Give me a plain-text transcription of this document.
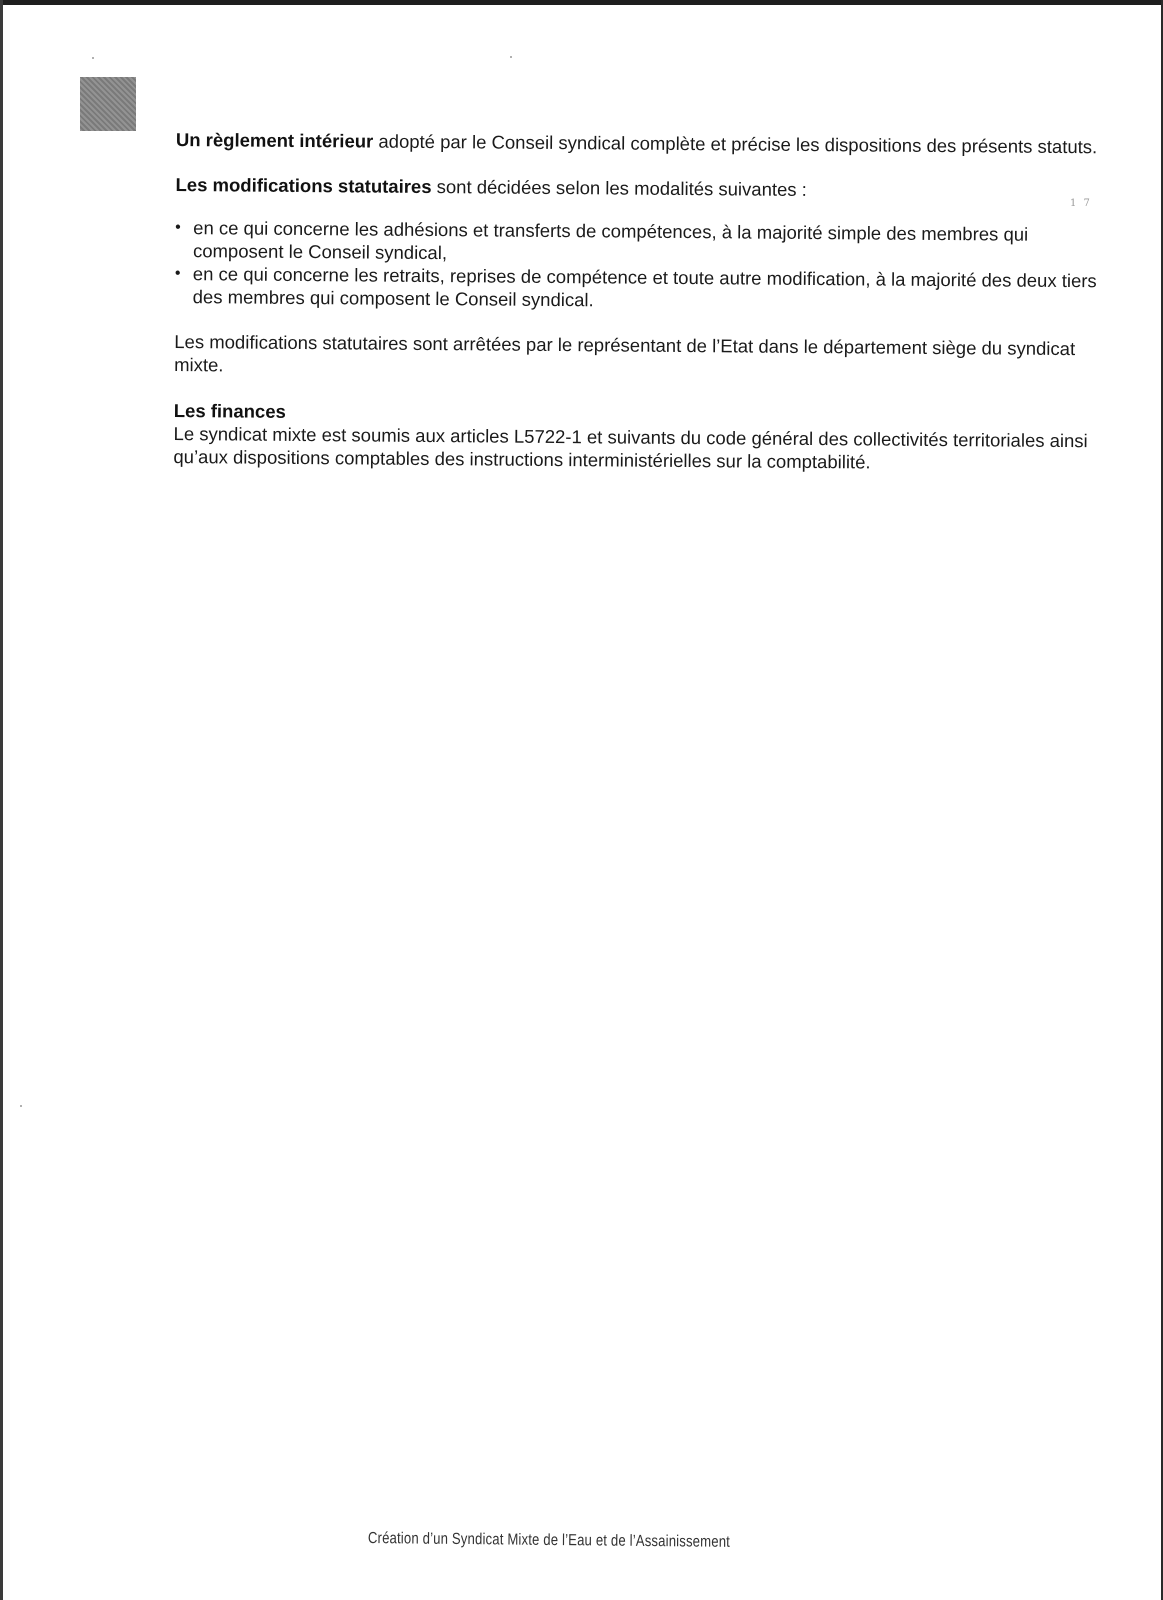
1 7

Un règlement intérieur adopté par le Conseil syndical complète et précise les dispositions des présents statuts.

Les modifications statutaires sont décidées selon les modalités suivantes :

• en ce qui concerne les adhésions et transferts de compétences, à la majorité simple des membres qui composent le Conseil syndical,
• en ce qui concerne les retraits, reprises de compétence et toute autre modification, à la majorité des deux tiers des membres qui composent le Conseil syndical.

Les modifications statutaires sont arrêtées par le représentant de l’Etat dans le département siège du syndicat mixte.

Les finances

Le syndicat mixte est soumis aux articles L5722-1 et suivants du code général des collectivités territoriales ainsi qu’aux dispositions comptables des instructions interministérielles sur la comptabilité.

Création d’un Syndicat Mixte de l’Eau et de l’Assainissement
